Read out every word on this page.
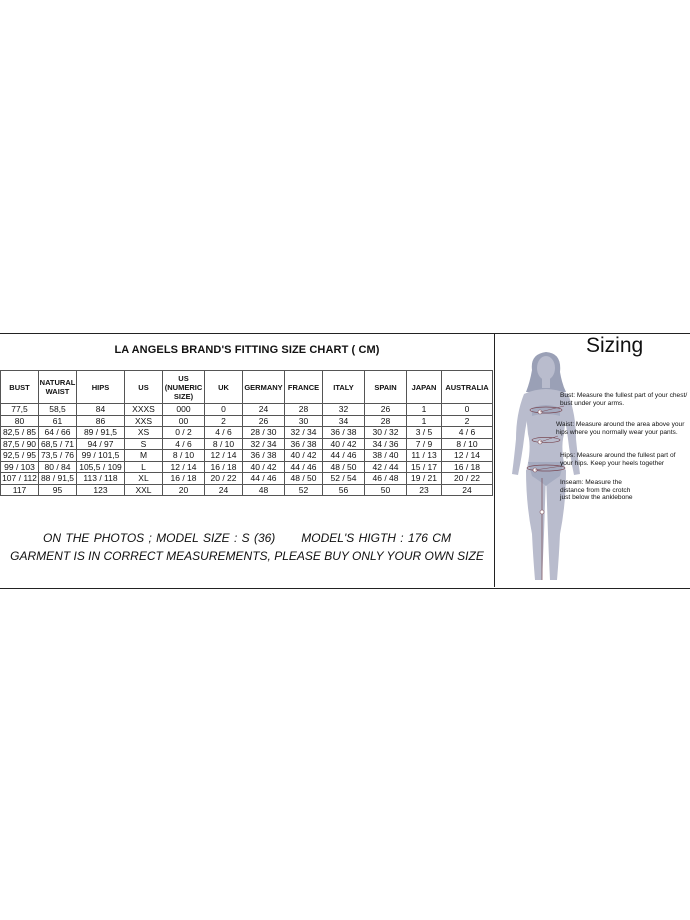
LA ANGELS BRAND'S FITTING SIZE CHART ( CM)
BUST	NATURAL WAIST	HIPS	US	US (NUMERIC SIZE)	UK	GERMANY	FRANCE	ITALY	SPAIN	JAPAN	AUSTRALIA
77,5	58,5	84	XXXS	000	0	24	28	32	26	1	0
80	61	86	XXS	00	2	26	30	34	28	1	2
82,5 / 85	64 / 66	89 / 91,5	XS	0 / 2	4 / 6	28 / 30	32 / 34	36 / 38	30 / 32	3 / 5	4 / 6
87,5 / 90	68,5 / 71	94 / 97	S	4 / 6	8 / 10	32 / 34	36 / 38	40 / 42	34 / 36	7 / 9	8 / 10
92,5 / 95	73,5 / 76	99 / 101,5	M	8 / 10	12 / 14	36 / 38	40 / 42	44 / 46	38 / 40	11 / 13	12 / 14
99 / 103	80 / 84	105,5 / 109	L	12 / 14	16 / 18	40 / 42	44 / 46	48 / 50	42 / 44	15 / 17	16 / 18
107 / 112	88 / 91,5	113 / 118	XL	16 / 18	20 / 22	44 / 46	48 / 50	52 / 54	46 / 48	19 / 21	20 / 22
117	95	123	XXL	20	24	48	52	56	50	23	24
ON THE PHOTOS ; MODEL SIZE : S (36)      MODEL'S HIGTH : 176 CM
GARMENT IS IN CORRECT MEASUREMENTS, PLEASE BUY ONLY YOUR OWN SIZE
Sizing
Bust: Measure the fullest part of your chest/ bust under your arms.
Waist: Measure around the area above your hips where you normally wear your pants.
Hips: Measure around the fullest part of your hips. Keep your heels together
Inseam: Measure the distance from the crotch just below the anklebone
